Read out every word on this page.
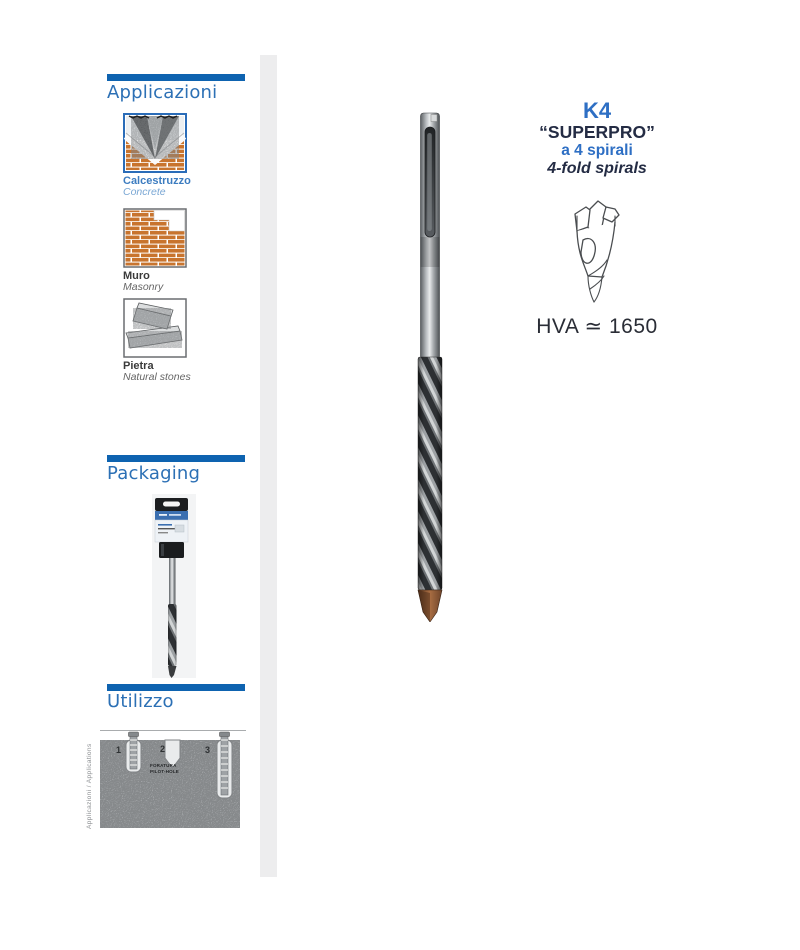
Applicazioni
Calcestruzzo
Concrete
Muro
Masonry
Pietra
Natural stones
Packaging
Utilizzo
1	2	3
FORATURA
PILOT-HOLE
Applicazioni / Applications
K4
“SUPERPRO”
a 4 spirali
4-fold spirals
HVA ≃ 1650
